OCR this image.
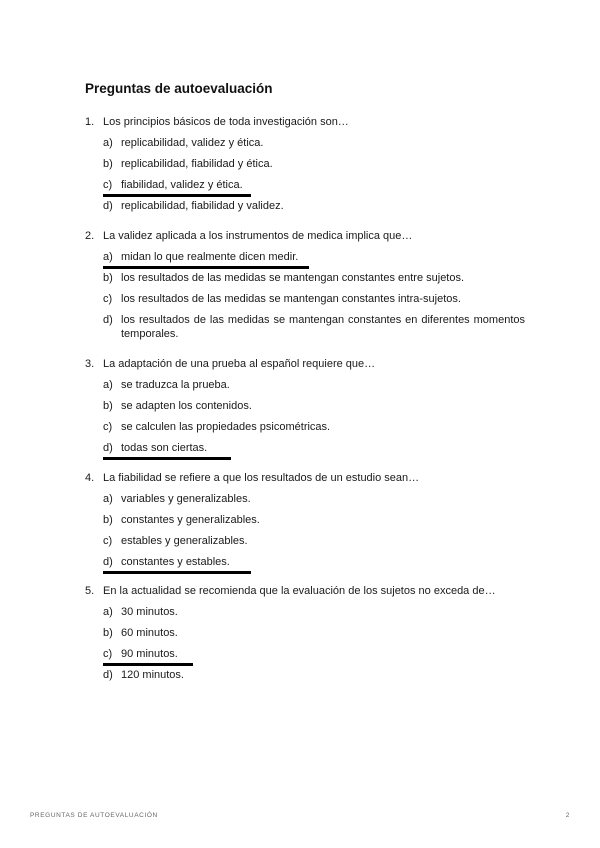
Preguntas de autoevaluación
1. Los principios básicos de toda investigación son…
a) replicabilidad, validez y ética.
b) replicabilidad, fiabilidad y ética.
c) fiabilidad, validez y ética.
d) replicabilidad, fiabilidad y validez.
2. La validez aplicada a los instrumentos de medica implica que…
a) midan lo que realmente dicen medir.
b) los resultados de las medidas se mantengan constantes entre sujetos.
c) los resultados de las medidas se mantengan constantes intra-sujetos.
d) los resultados de las medidas se mantengan constantes en diferentes momentos temporales.
3. La adaptación de una prueba al español requiere que…
a) se traduzca la prueba.
b) se adapten los contenidos.
c) se calculen las propiedades psicométricas.
d) todas son ciertas.
4. La fiabilidad se refiere a que los resultados de un estudio sean…
a) variables y generalizables.
b) constantes y generalizables.
c) estables y generalizables.
d) constantes y estables.
5. En la actualidad se recomienda que la evaluación de los sujetos no exceda de…
a) 30 minutos.
b) 60 minutos.
c) 90 minutos.
d) 120 minutos.
PREGUNTAS DE AUTOEVALUACIÓN	2
